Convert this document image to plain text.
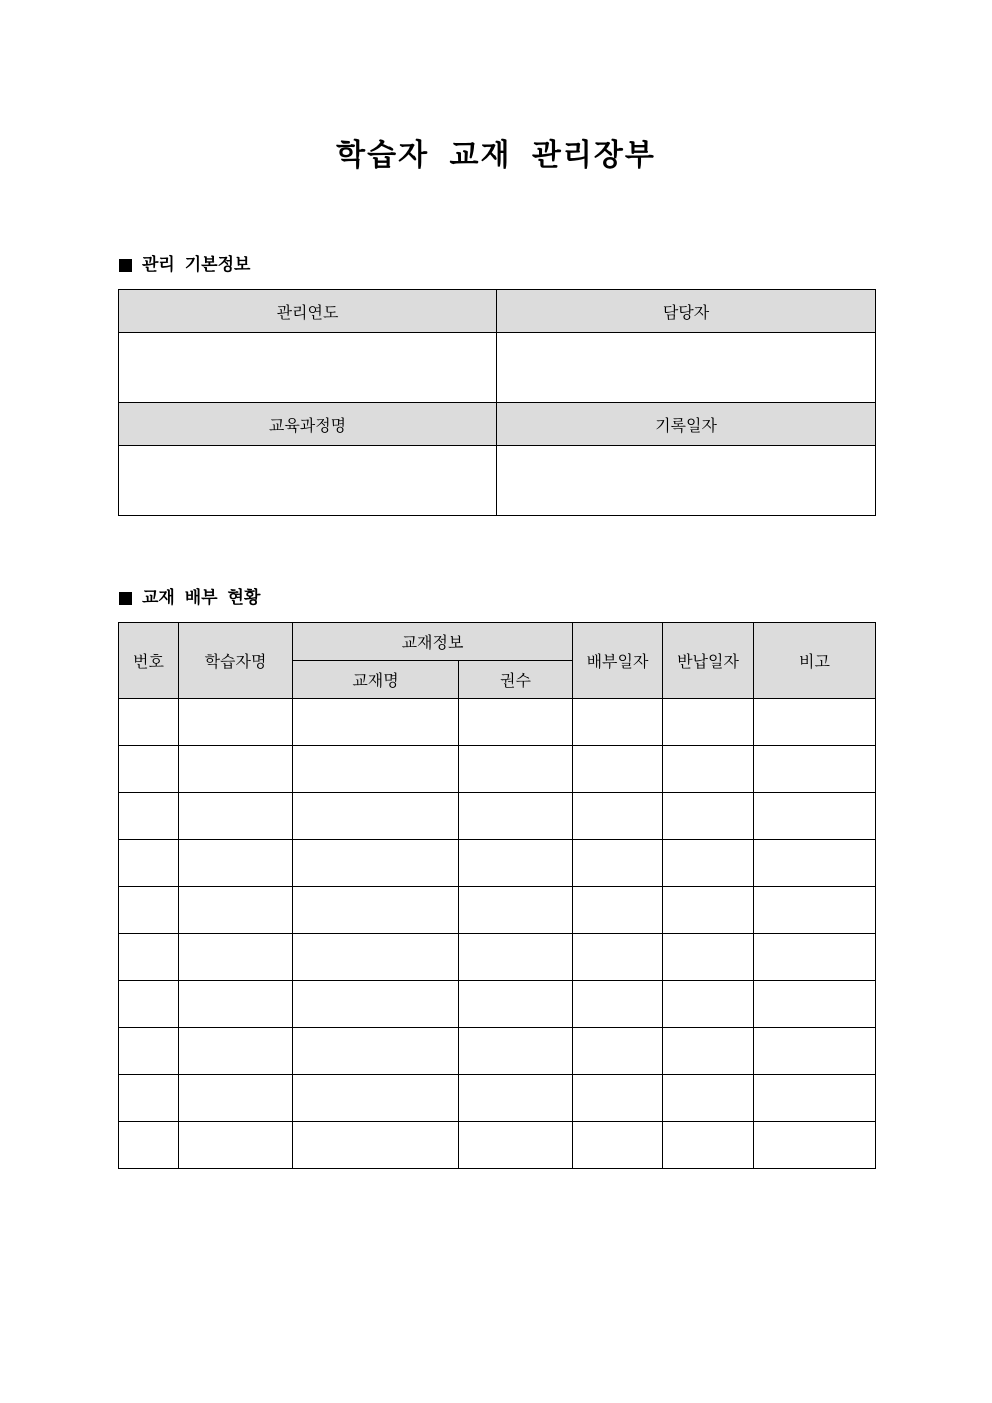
학습자 교재 관리장부
관리 기본정보
관리연도	담당자

교육과정명	기록일자

교재 배부 현황
번호	학습자명	교재정보		배부일자	반납일자	비고
		교재명	권수			
